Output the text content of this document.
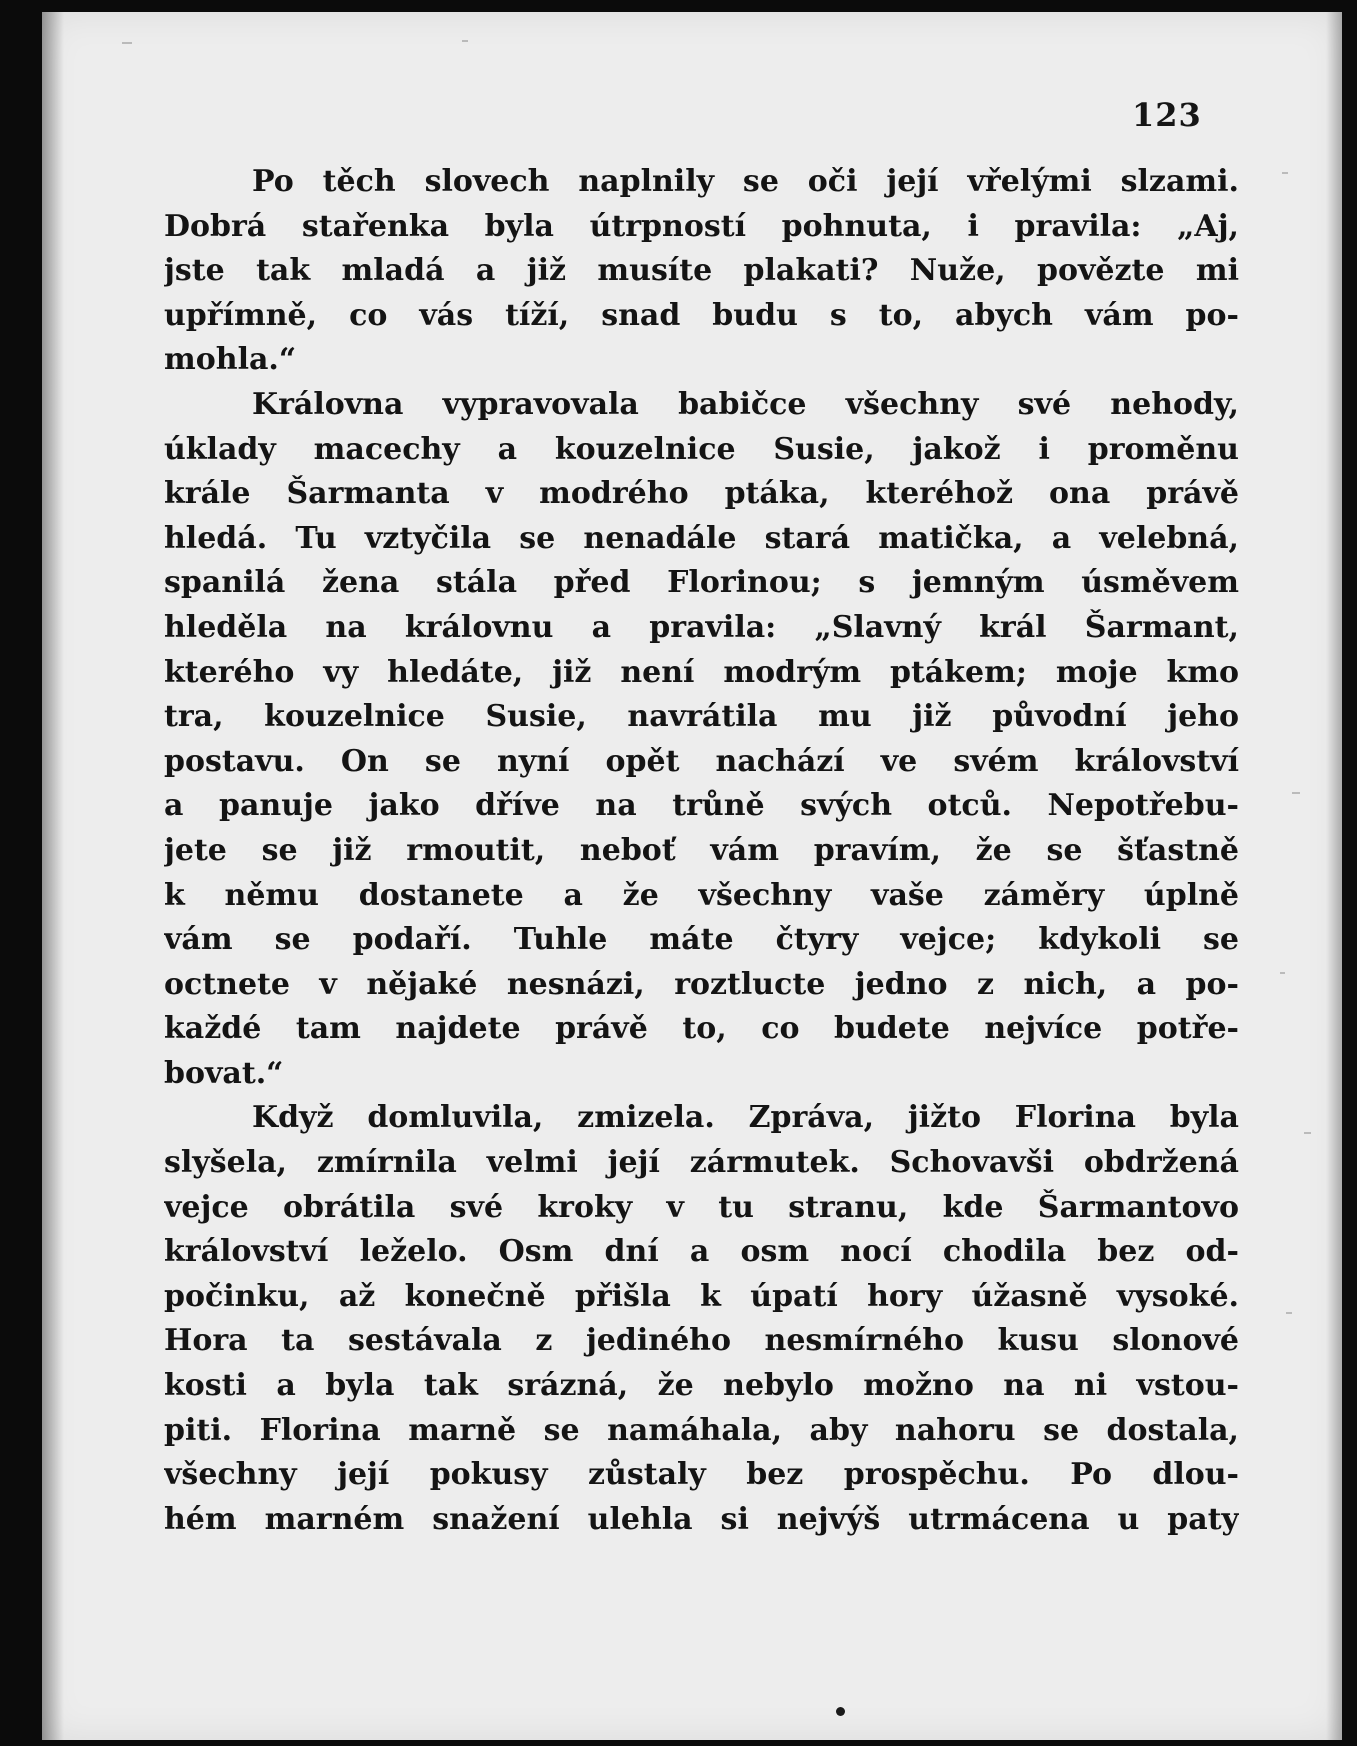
123
Po těch slovech naplnily se oči její vřelými slzami.
Dobrá stařenka byla útrpností pohnuta, i pravila: „Aj,
jste tak mladá a již musíte plakati? Nuže, povězte mi
upřímně, co vás tíží, snad budu s to, abych vám po-
mohla.“
Královna vypravovala babičce všechny své nehody,
úklady macechy a kouzelnice Susie, jakož i proměnu
krále Šarmanta v modrého ptáka, kteréhož ona právě
hledá. Tu vztyčila se nenadále stará matička, a velebná,
spanilá žena stála před Florinou; s jemným úsměvem
hleděla na královnu a pravila: „Slavný král Šarmant,
kterého vy hledáte, již není modrým ptákem; moje kmo
tra, kouzelnice Susie, navrátila mu již původní jeho
postavu. On se nyní opět nachází ve svém království
a panuje jako dříve na trůně svých otců. Nepotřebu-
jete se již rmoutit, neboť vám pravím, že se šťastně
k němu dostanete a že všechny vaše záměry úplně
vám se podaří. Tuhle máte čtyry vejce; kdykoli se
octnete v nějaké nesnázi, roztlucte jedno z nich, a po-
každé tam najdete právě to, co budete nejvíce potře-
bovat.“
Když domluvila, zmizela. Zpráva, jižto Florina byla
slyšela, zmírnila velmi její zármutek. Schovavši obdržená
vejce obrátila své kroky v tu stranu, kde Šarmantovo
království leželo. Osm dní a osm nocí chodila bez od-
počinku, až konečně přišla k úpatí hory úžasně vysoké.
Hora ta sestávala z jediného nesmírného kusu slonové
kosti a byla tak srázná, že nebylo možno na ni vstou-
piti. Florina marně se namáhala, aby nahoru se dostala,
všechny její pokusy zůstaly bez prospěchu. Po dlou-
hém marném snažení ulehla si nejvýš utrmácena u paty
